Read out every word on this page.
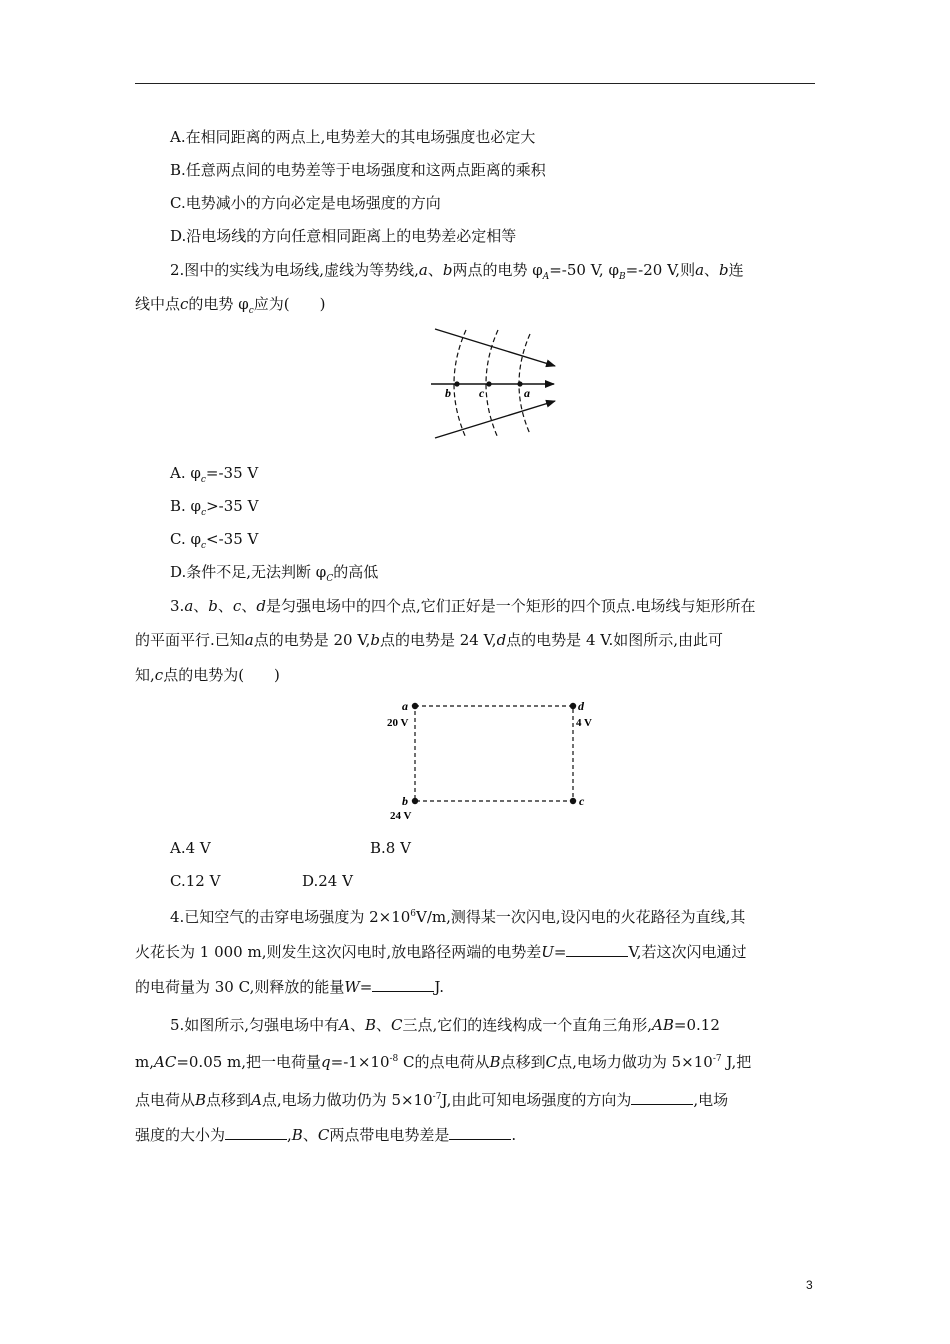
A.在相同距离的两点上,电势差大的其电场强度也必定大
B.任意两点间的电势差等于电场强度和这两点距离的乘积
C.电势减小的方向必定是电场强度的方向
D.沿电场线的方向任意相同距离上的电势差必定相等
2.图中的实线为电场线,虚线为等势线,a、b两点的电势 $\varphi_A=-50$ V, $\varphi_B=-20$ V,则a、b连
线中点c的电势 $\varphi_c$应为(　　)
b c	a
A. $\varphi_c=-35$ V
B. $\varphi_c>-35$ V
C. $\varphi_c<-35$ V
D.条件不足,无法判断 $\varphi_C$的高低
3.a、b、c、d是匀强电场中的四个点,它们正好是一个矩形的四个顶点.电场线与矩形所在
的平面平行.已知a点的电势是 20 V,b点的电势是 24 V,d点的电势是 4 V.如图所示,由此可
知,c点的电势为(　　)
a
20 V
d
4 V
b
24 V
c
A.4 V	B.8 V
C.12 V	D.24 V
4.已知空气的击穿电场强度为 $2\times 10^6V/m$,测得某一次闪电,设闪电的火花路径为直线,其
火花长为 1 000 m,则发生这次闪电时,放电路径两端的电势差U=	V,若这次闪电通过
的电荷量为 30 C,则释放的能量W=	J.
5.如图所示,匀强电场中有A、B、C三点,它们的连线构成一个直角三角形,AB=0.12
m,AC=0.05 m,把一电荷量$q=-1\times 10^{-8}$ C的点电荷从B点移到C点,电场力做功为 $5\times 10^{-7}$ J,把
点电荷从B点移到A点,电场力做功仍为 $5\times 10^{-7}J$,由此可知电场强度的方向为	,电场
强度的大小为	,B、C两点带电电势差是	.
3
